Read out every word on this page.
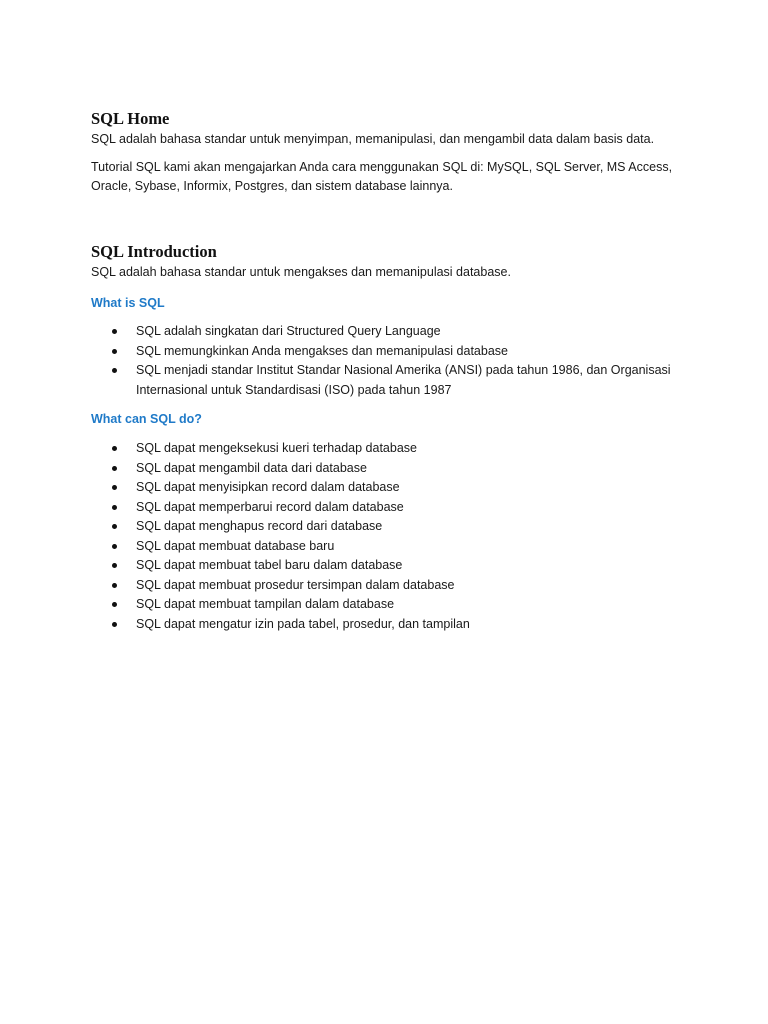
SQL Home

SQL adalah bahasa standar untuk menyimpan, memanipulasi, dan mengambil data dalam basis data.

Tutorial SQL kami akan mengajarkan Anda cara menggunakan SQL di: MySQL, SQL Server, MS Access,
Oracle, Sybase, Informix, Postgres, dan sistem database lainnya.

SQL Introduction

SQL adalah bahasa standar untuk mengakses dan memanipulasi database.

What is SQL
SQL adalah singkatan dari Structured Query Language
SQL memungkinkan Anda mengakses dan memanipulasi database
SQL menjadi standar Institut Standar Nasional Amerika (ANSI) pada tahun 1986, dan Organisasi
Internasional untuk Standardisasi (ISO) pada tahun 1987
What can SQL do?
SQL dapat mengeksekusi kueri terhadap database
SQL dapat mengambil data dari database
SQL dapat menyisipkan record dalam database
SQL dapat memperbarui record dalam database
SQL dapat menghapus record dari database
SQL dapat membuat database baru
SQL dapat membuat tabel baru dalam database
SQL dapat membuat prosedur tersimpan dalam database
SQL dapat membuat tampilan dalam database
SQL dapat mengatur izin pada tabel, prosedur, dan tampilan
